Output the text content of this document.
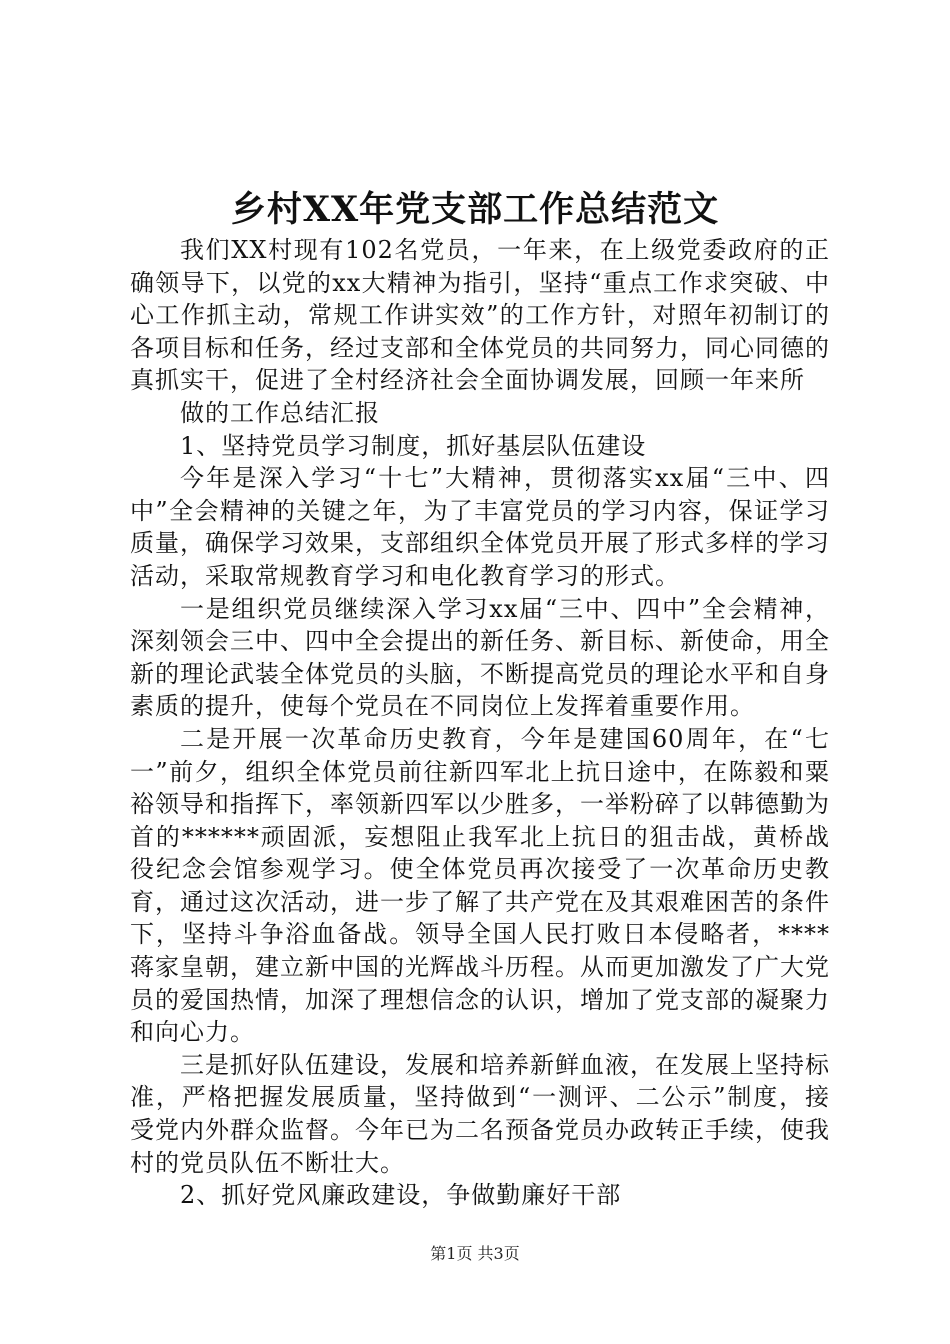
乡村XX年党支部工作总结范文

我们XX村现有102名党员，一年来，在上级党委政府的正确领导下，以党的xx大精神为指引，坚持“重点工作求突破、中心工作抓主动，常规工作讲实效”的工作方针，对照年初制订的各项目标和任务，经过支部和全体党员的共同努力，同心同德的真抓实干，促进了全村经济社会全面协调发展，回顾一年来所

做的工作总结汇报

1、坚持党员学习制度，抓好基层队伍建设

今年是深入学习“十七”大精神，贯彻落实xx届“三中、四中”全会精神的关键之年，为了丰富党员的学习内容，保证学习质量，确保学习效果，支部组织全体党员开展了形式多样的学习活动，采取常规教育学习和电化教育学习的形式。

一是组织党员继续深入学习xx届“三中、四中”全会精神，深刻领会三中、四中全会提出的新任务、新目标、新使命，用全新的理论武装全体党员的头脑，不断提高党员的理论水平和自身素质的提升，使每个党员在不同岗位上发挥着重要作用。

二是开展一次革命历史教育，今年是建国60周年，在“七一”前夕，组织全体党员前往新四军北上抗日途中，在陈毅和粟裕领导和指挥下，率领新四军以少胜多，一举粉碎了以韩德勤为首的******顽固派，妄想阻止我军北上抗日的狙击战，黄桥战役纪念会馆参观学习。使全体党员再次接受了一次革命历史教育，通过这次活动，进一步了解了共产党在及其艰难困苦的条件下，坚持斗争浴血备战。领导全国人民打败日本侵略者，****蒋家皇朝，建立新中国的光辉战斗历程。从而更加激发了广大党员的爱国热情，加深了理想信念的认识，增加了党支部的凝聚力和向心力。

三是抓好队伍建设，发展和培养新鲜血液，在发展上坚持标准，严格把握发展质量，坚持做到“一测评、二公示”制度，接受党内外群众监督。今年已为二名预备党员办政转正手续，使我村的党员队伍不断壮大。

2、抓好党风廉政建设，争做勤廉好干部

第1页 共3页
